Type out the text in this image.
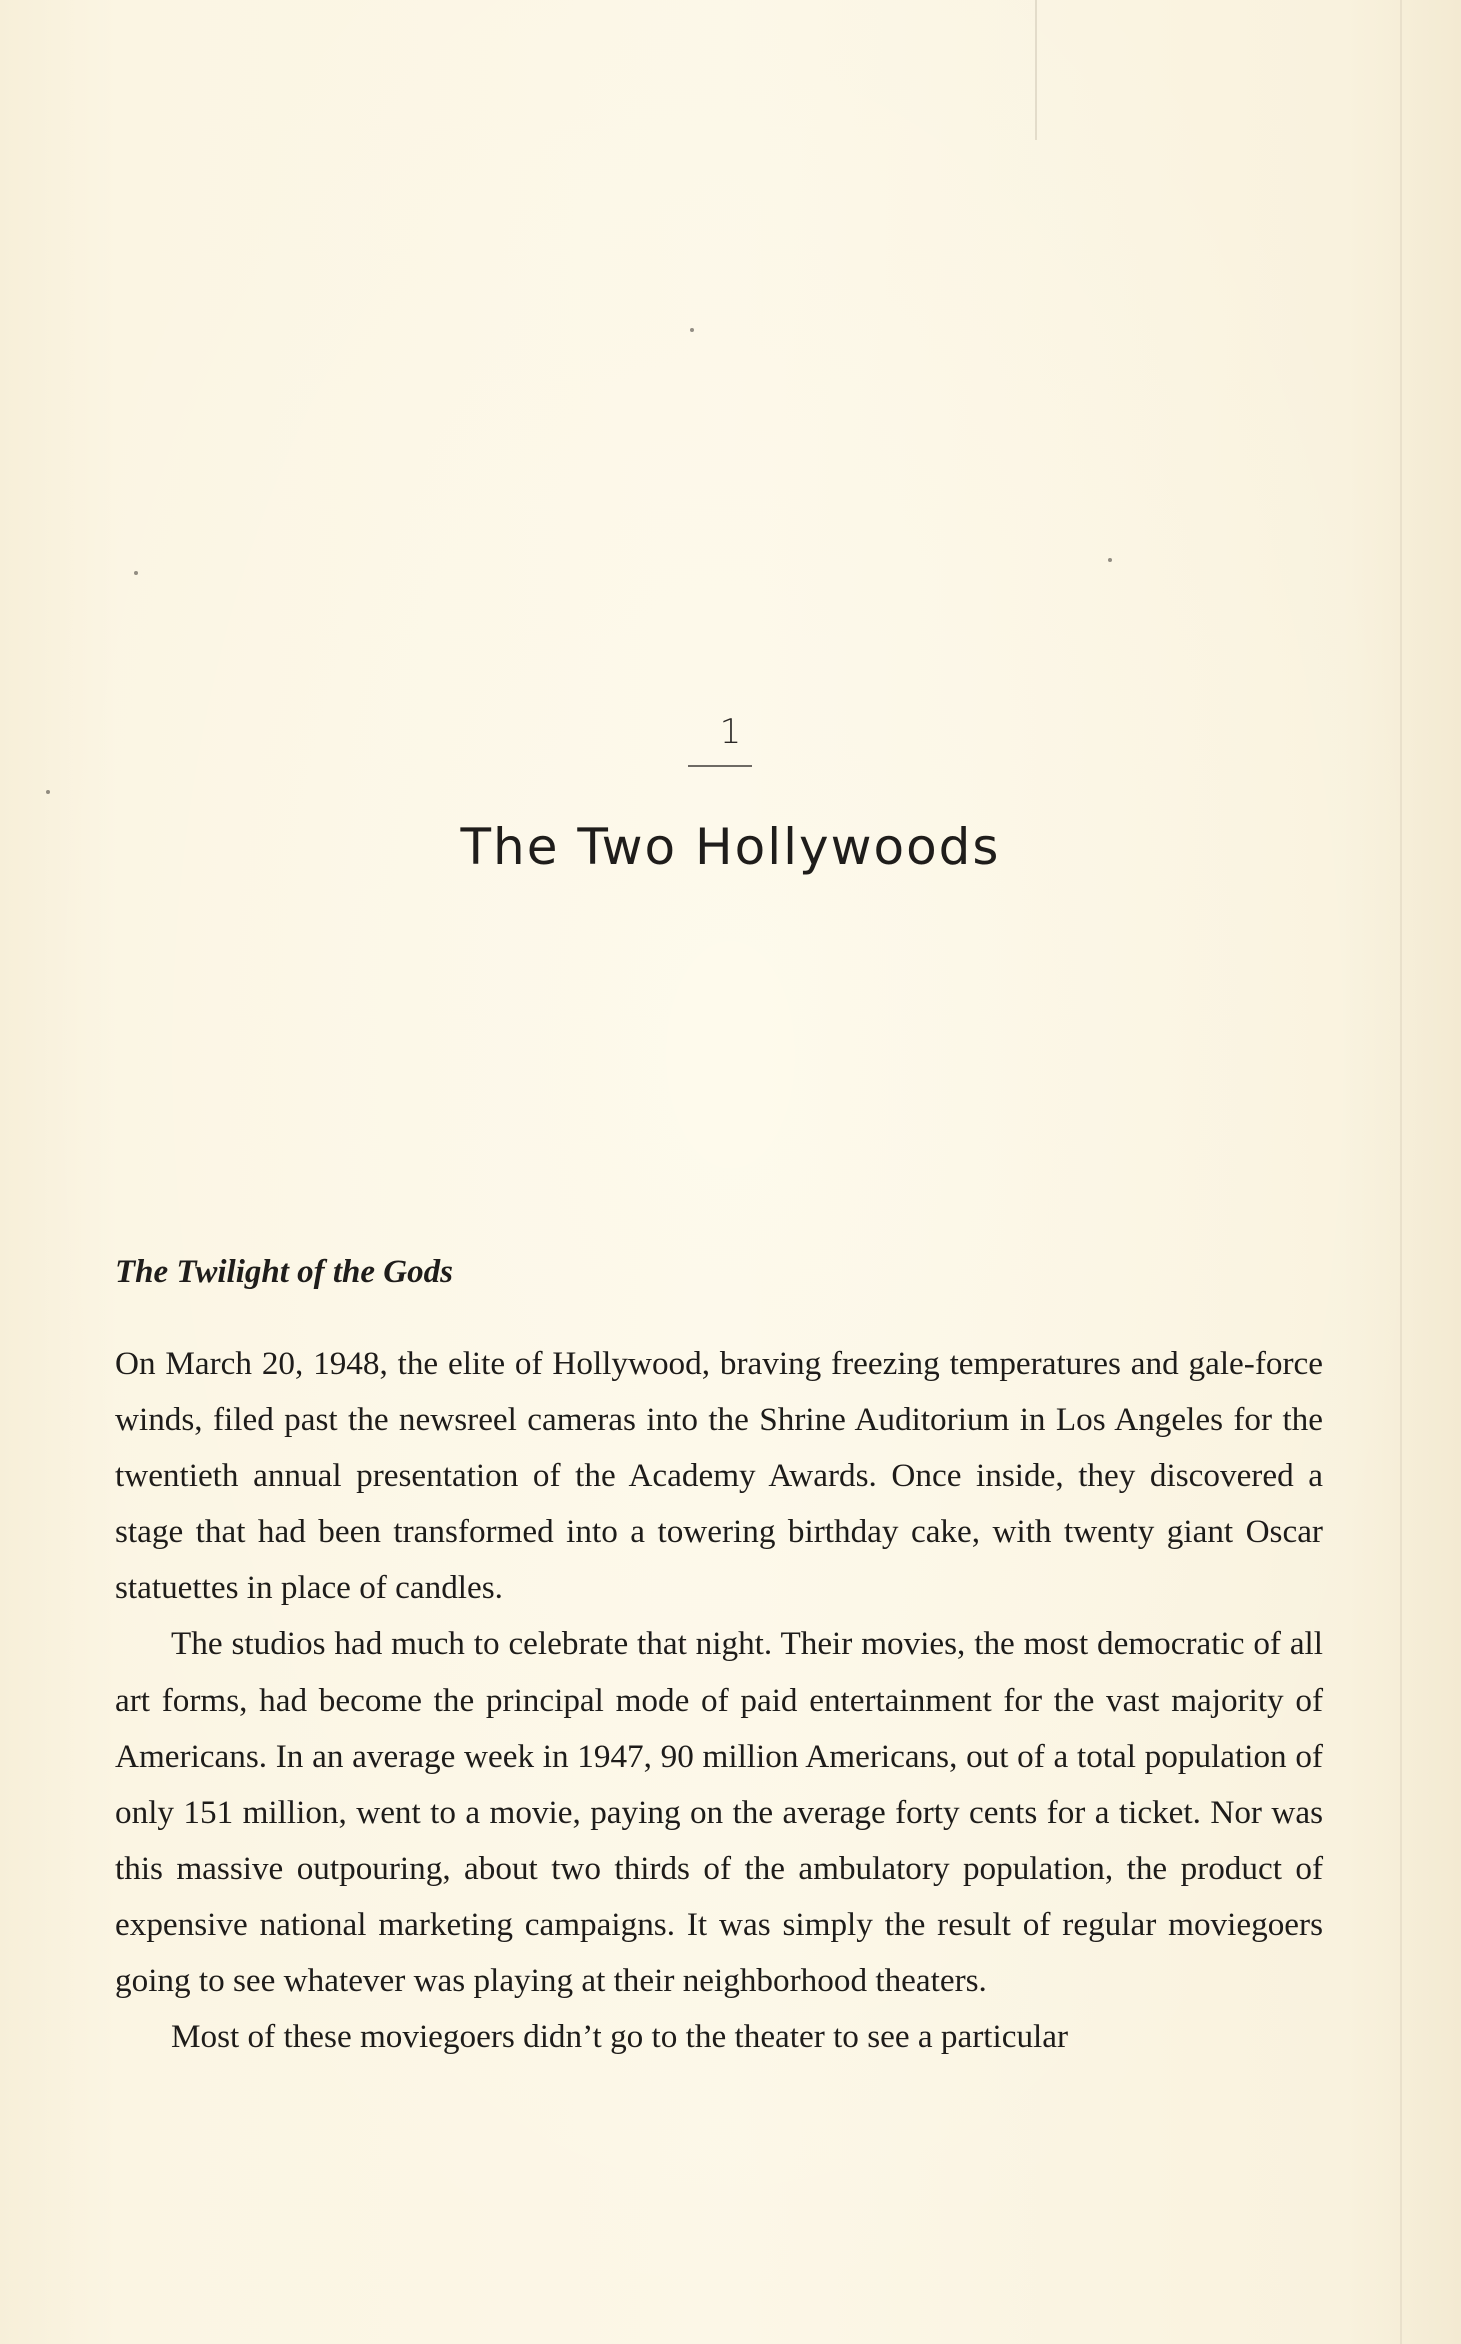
1
The Two Hollywoods
The Twilight of the Gods

On March 20, 1948, the elite of Hollywood, braving freezing temperatures and gale-force winds, filed past the newsreel cameras into the Shrine Auditorium in Los Angeles for the twentieth annual presentation of the Academy Awards. Once inside, they discovered a stage that had been transformed into a towering birthday cake, with twenty giant Oscar statuettes in place of candles.

The studios had much to celebrate that night. Their movies, the most democratic of all art forms, had become the principal mode of paid entertainment for the vast majority of Americans. In an average week in 1947, 90 million Americans, out of a total population of only 151 million, went to a movie, paying on the average forty cents for a ticket. Nor was this massive outpouring, about two thirds of the ambulatory population, the product of expensive national marketing campaigns. It was simply the result of regular moviegoers going to see whatever was playing at their neighborhood theaters.

Most of these moviegoers didn’t go to the theater to see a particular
